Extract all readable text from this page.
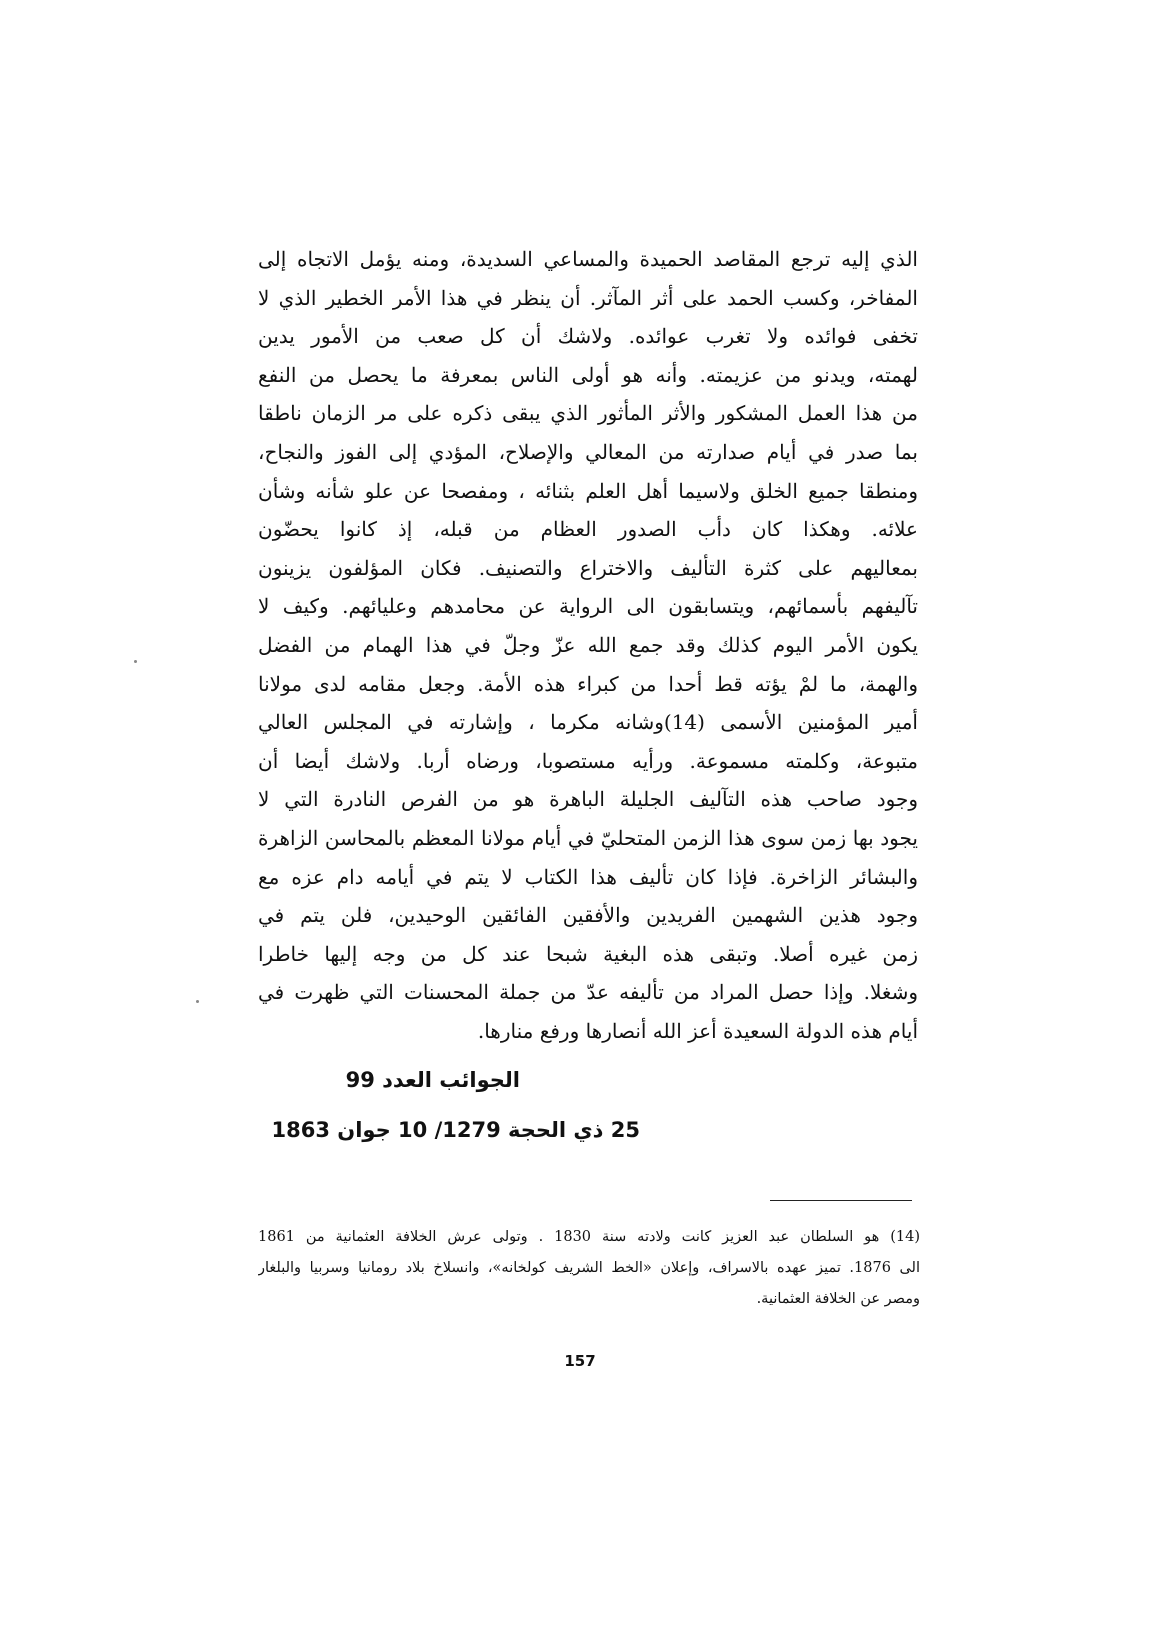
الذي إليه ترجع المقاصد الحميدة والمساعي السديدة، ومنه يؤمل الاتجاه إلى
المفاخر، وكسب الحمد على أثر المآثر. أن ينظر في هذا الأمر الخطير الذي لا
تخفى فوائده ولا تغرب عوائده. ولاشك أن كل صعب من الأمور يدين
لهمته، ويدنو من عزيمته. وأنه هو أولى الناس بمعرفة ما يحصل من النفع
من هذا العمل المشكور والأثر المأثور الذي يبقى ذكره على مر الزمان ناطقا
بما صدر في أيام صدارته من المعالي والإصلاح، المؤدي إلى الفوز والنجاح،
ومنطقا جميع الخلق ولاسيما أهل العلم بثنائه ، ومفصحا عن علو شأنه وشأن
علائه. وهكذا كان دأب الصدور العظام من قبله، إذ كانوا يحضّون
بمعاليهم على كثرة التأليف والاختراع والتصنيف. فكان المؤلفون يزينون
تآليفهم بأسمائهم، ويتسابقون الى الرواية عن محامدهم وعليائهم. وكيف لا
يكون الأمر اليوم كذلك وقد جمع الله عزّ وجلّ في هذا الهمام من الفضل
والهمة، ما لمْ يؤته قط أحدا من كبراء هذه الأمة. وجعل مقامه لدى مولانا
أمير المؤمنين الأسمى (14)وشانه مكرما ، وإشارته في المجلس العالي
متبوعة، وكلمته مسموعة. ورأيه مستصوبا، ورضاه أربا. ولاشك أيضا أن
وجود صاحب هذه التآليف الجليلة الباهرة هو من الفرص النادرة التي لا
يجود بها زمن سوى هذا الزمن المتحليّ في أيام مولانا المعظم بالمحاسن الزاهرة
والبشائر الزاخرة. فإذا كان تأليف هذا الكتاب لا يتم في أيامه دام عزه مع
وجود هذين الشهمين الفريدين والأفقين الفائقين الوحيدين، فلن يتم في
زمن غيره أصلا. وتبقى هذه البغية شبحا عند كل من وجه إليها خاطرا
وشغلا. وإذا حصل المراد من تأليفه عدّ من جملة المحسنات التي ظهرت في
أيام هذه الدولة السعيدة أعز الله أنصارها ورفع منارها.
الجوائب العدد 99
25 ذي الحجة 1279/ 10 جوان 1863
(14) هو السلطان عبد العزيز كانت ولادته سنة 1830 . وتولى عرش الخلافة العثمانية من 1861
الى 1876. تميز عهده بالاسراف، وإعلان «الخط الشريف كولخانه»، وانسلاخ بلاد رومانيا وسربيا والبلغار
ومصر عن الخلافة العثمانية.
157
